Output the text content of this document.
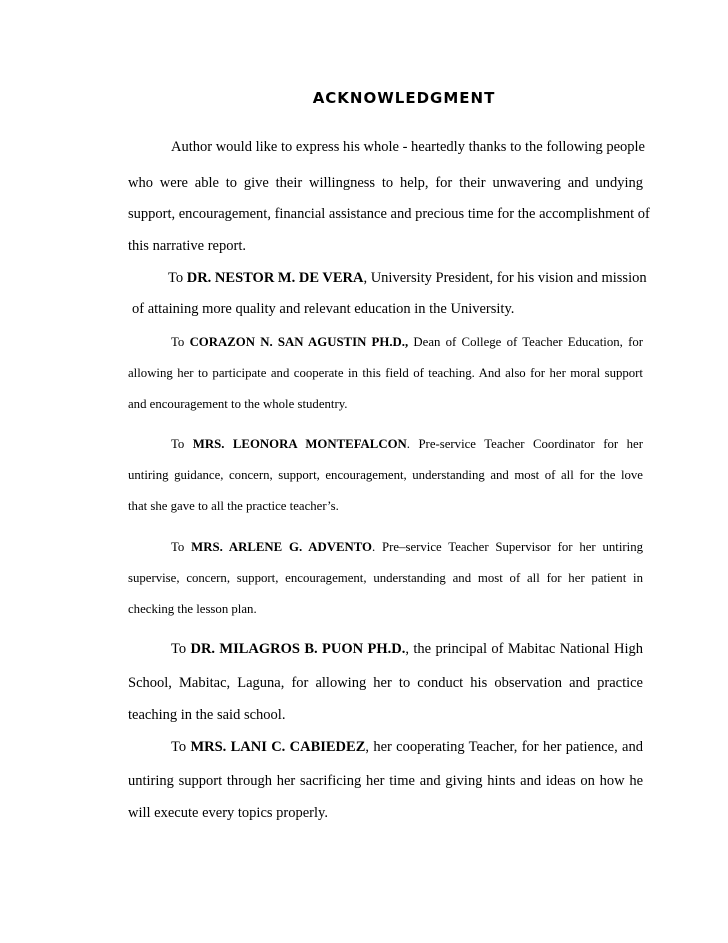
ACKNOWLEDGMENT
Author would like to express his whole - heartedly thanks to the following people
who were able to give their willingness to help, for their unwavering and undying
support, encouragement, financial assistance and precious time for the accomplishment of
this narrative report.
To DR. NESTOR M. DE VERA, University President, for his vision and mission
of attaining more quality and relevant education in the University.
To CORAZON N. SAN AGUSTIN PH.D., Dean of College of Teacher Education, for
allowing her to participate and cooperate in this field of teaching. And also for her moral support
and encouragement to the whole studentry.
To MRS. LEONORA MONTEFALCON. Pre-service Teacher Coordinator for her
untiring guidance, concern, support, encouragement, understanding and most of all for the love
that she gave to all the practice teacher’s.
To MRS. ARLENE G. ADVENTO. Pre–service Teacher Supervisor for her untiring
supervise, concern, support, encouragement, understanding and most of all for her patient in
checking the lesson plan.
To DR. MILAGROS B. PUON PH.D., the principal of Mabitac National High
School, Mabitac, Laguna, for allowing her to conduct his observation and practice
teaching in the said school.
To MRS. LANI C. CABIEDEZ, her cooperating Teacher, for her patience, and
untiring support through her sacrificing her time and giving hints and ideas on how he
will execute every topics properly.
